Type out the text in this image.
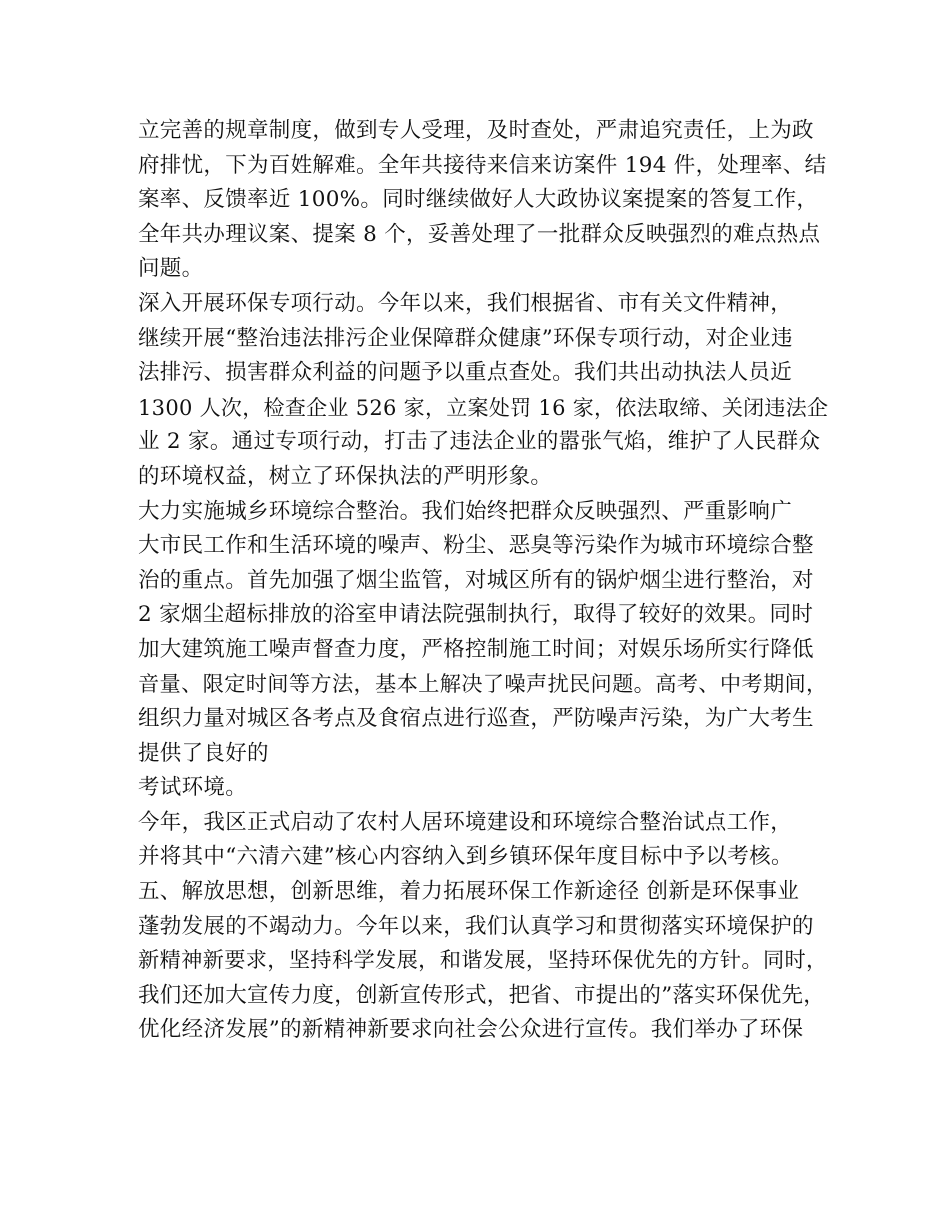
立完善的规章制度，做到专人受理，及时查处，严肃追究责任，上为政
府排忧，下为百姓解难。全年共接待来信来访案件 194 件，处理率、结
案率、反馈率近 100%。同时继续做好人大政协议案提案的答复工作，
全年共办理议案、提案 8 个，妥善处理了一批群众反映强烈的难点热点
问题。
深入开展环保专项行动。今年以来，我们根据省、市有关文件精神，
继续开展“整治违法排污企业保障群众健康”环保专项行动，对企业违
法排污、损害群众利益的问题予以重点查处。我们共出动执法人员近
1300 人次，检查企业 526 家，立案处罚 16 家，依法取缔、关闭违法企
业 2 家。通过专项行动，打击了违法企业的嚣张气焰，维护了人民群众
的环境权益，树立了环保执法的严明形象。
大力实施城乡环境综合整治。我们始终把群众反映强烈、严重影响广
大市民工作和生活环境的噪声、粉尘、恶臭等污染作为城市环境综合整
治的重点。首先加强了烟尘监管，对城区所有的锅炉烟尘进行整治，对
2 家烟尘超标排放的浴室申请法院强制执行，取得了较好的效果。同时
加大建筑施工噪声督查力度，严格控制施工时间；对娱乐场所实行降低
音量、限定时间等方法，基本上解决了噪声扰民问题。高考、中考期间，
组织力量对城区各考点及食宿点进行巡查，严防噪声污染，为广大考生
提供了良好的
考试环境。
今年，我区正式启动了农村人居环境建设和环境综合整治试点工作，
并将其中“六清六建”核心内容纳入到乡镇环保年度目标中予以考核。
五、解放思想，创新思维，着力拓展环保工作新途径 创新是环保事业
蓬勃发展的不竭动力。今年以来，我们认真学习和贯彻落实环境保护的
新精神新要求，坚持科学发展，和谐发展，坚持环保优先的方针。同时，
我们还加大宣传力度，创新宣传形式，把省、市提出的”落实环保优先，
优化经济发展”的新精神新要求向社会公众进行宣传。我们举办了环保
